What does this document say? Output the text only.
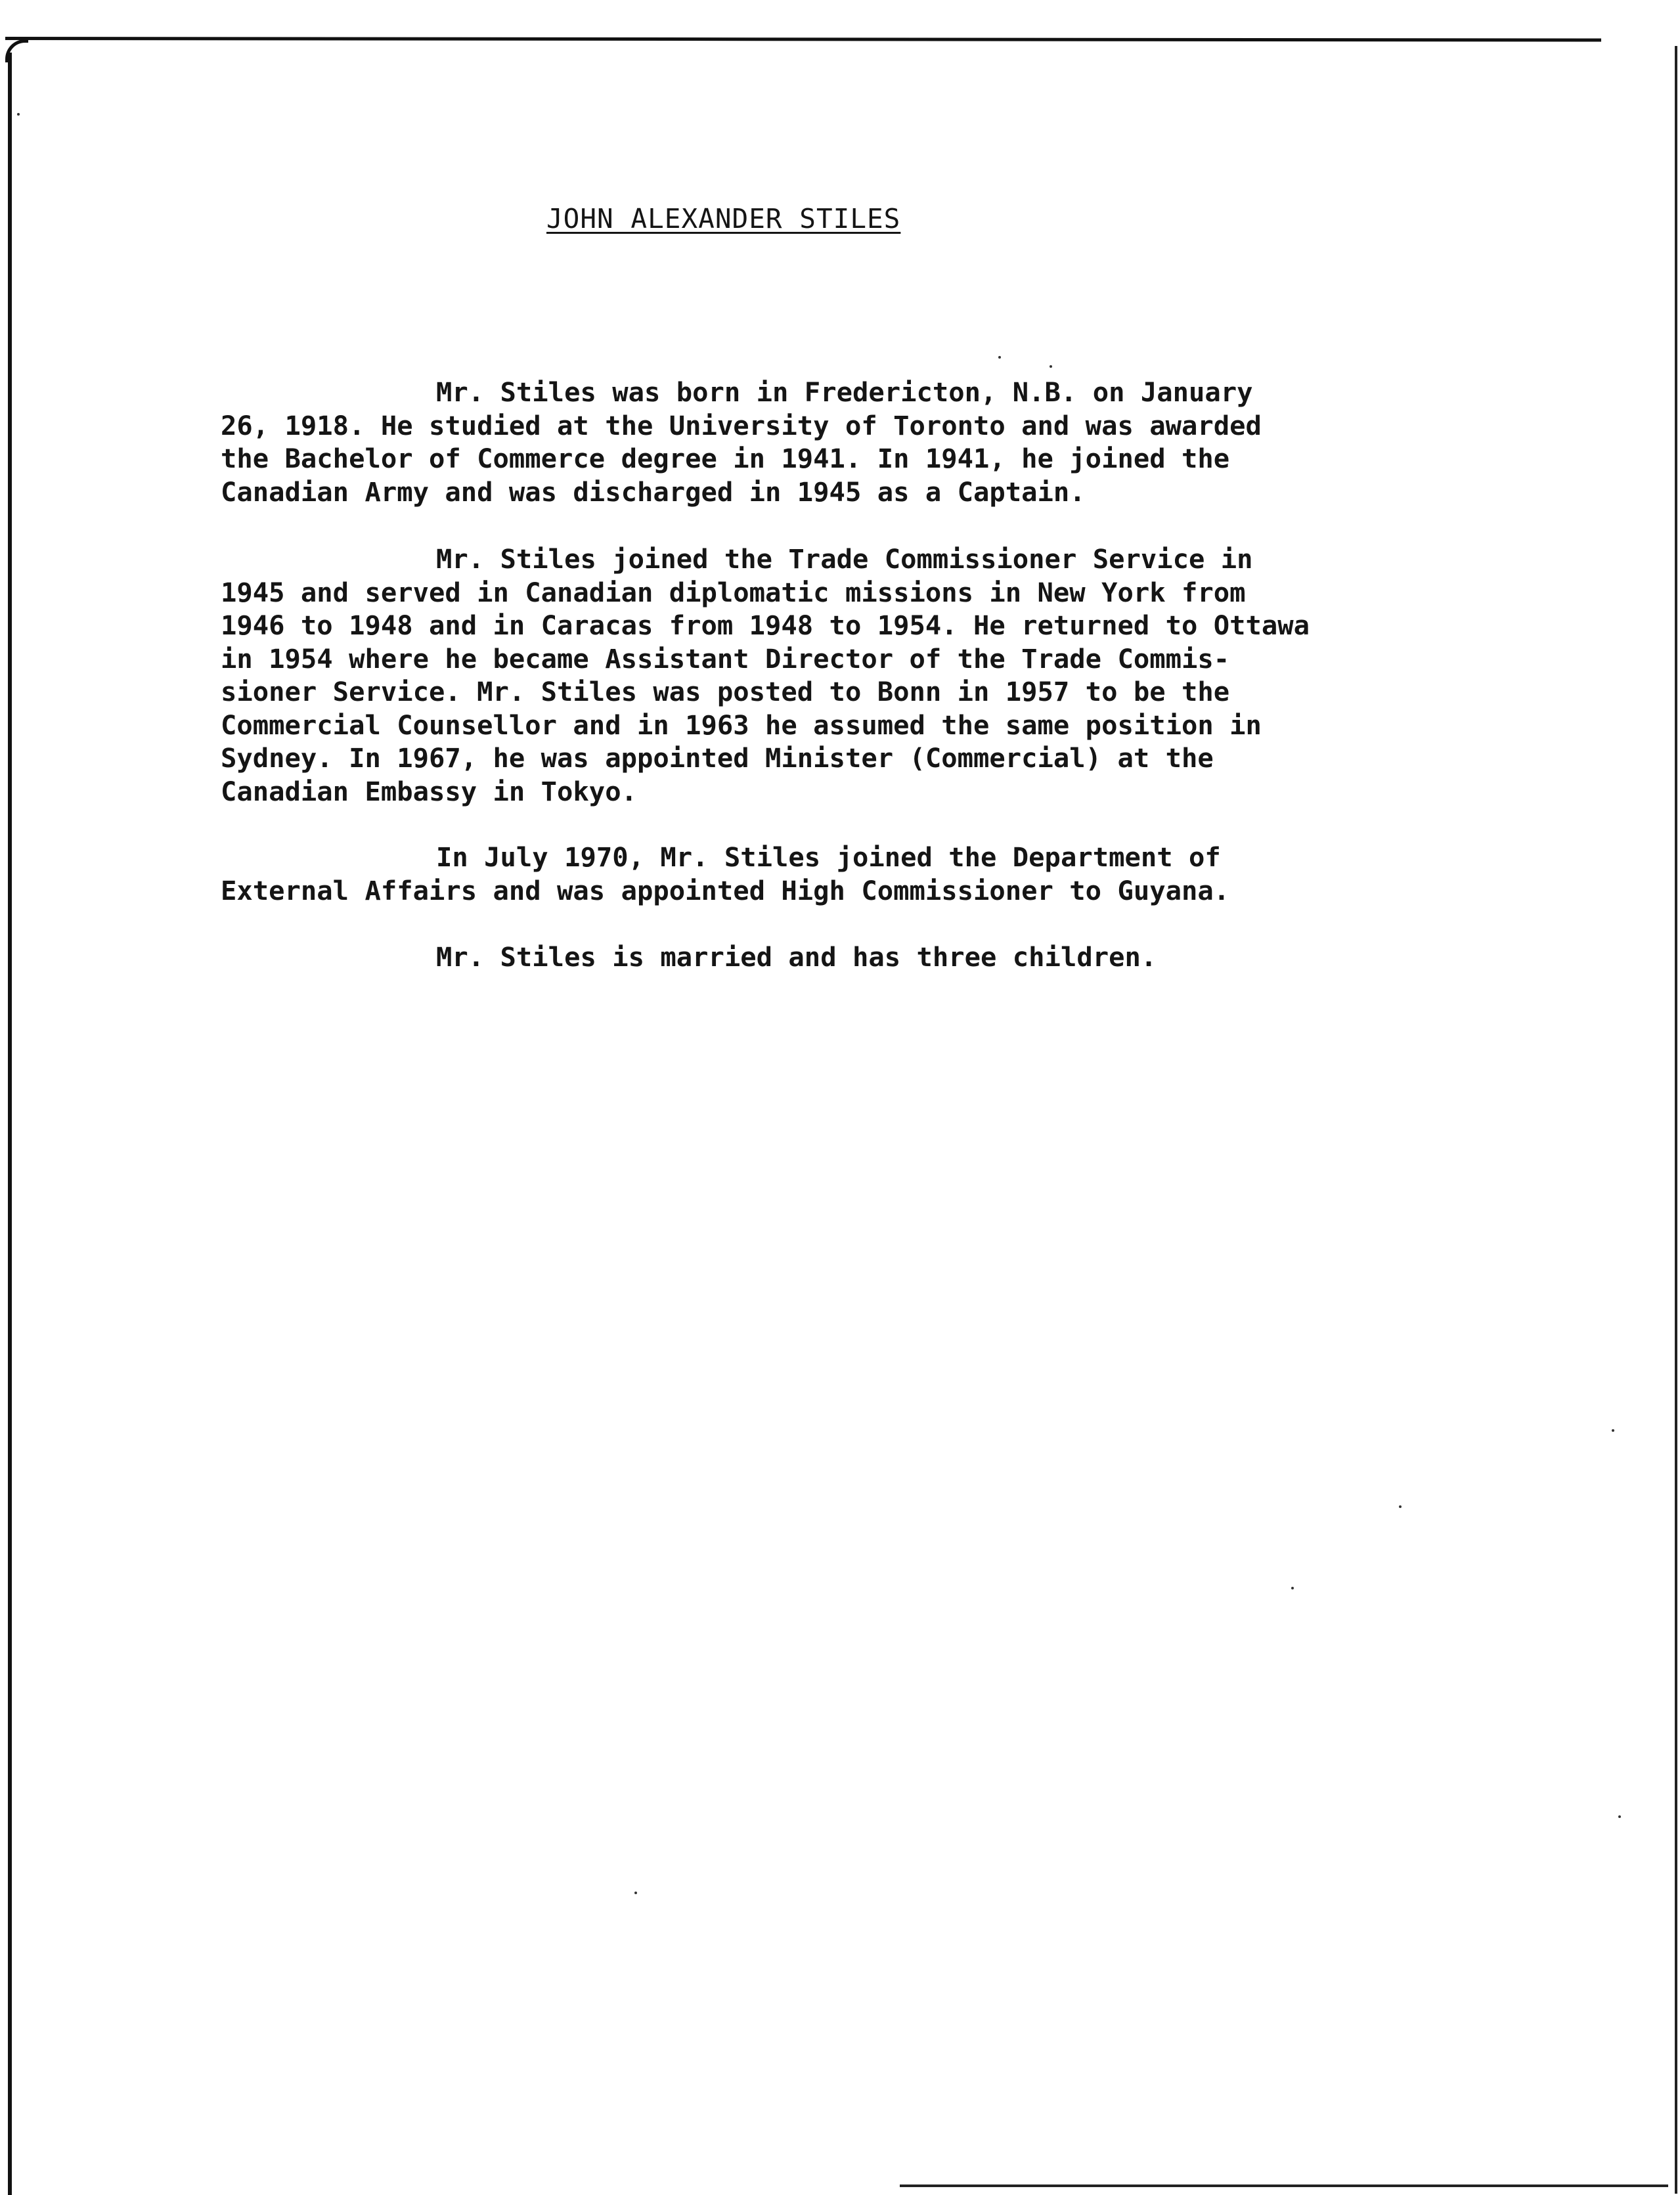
JOHN ALEXANDER STILES

Mr. Stiles was born in Fredericton, N.B. on January
26, 1918. He studied at the University of Toronto and was awarded
the Bachelor of Commerce degree in 1941. In 1941, he joined the
Canadian Army and was discharged in 1945 as a Captain.

Mr. Stiles joined the Trade Commissioner Service in
1945 and served in Canadian diplomatic missions in New York from
1946 to 1948 and in Caracas from 1948 to 1954. He returned to Ottawa
in 1954 where he became Assistant Director of the Trade Commis-
sioner Service. Mr. Stiles was posted to Bonn in 1957 to be the
Commercial Counsellor and in 1963 he assumed the same position in
Sydney. In 1967, he was appointed Minister (Commercial) at the
Canadian Embassy in Tokyo.

In July 1970, Mr. Stiles joined the Department of
External Affairs and was appointed High Commissioner to Guyana.

Mr. Stiles is married and has three children.
